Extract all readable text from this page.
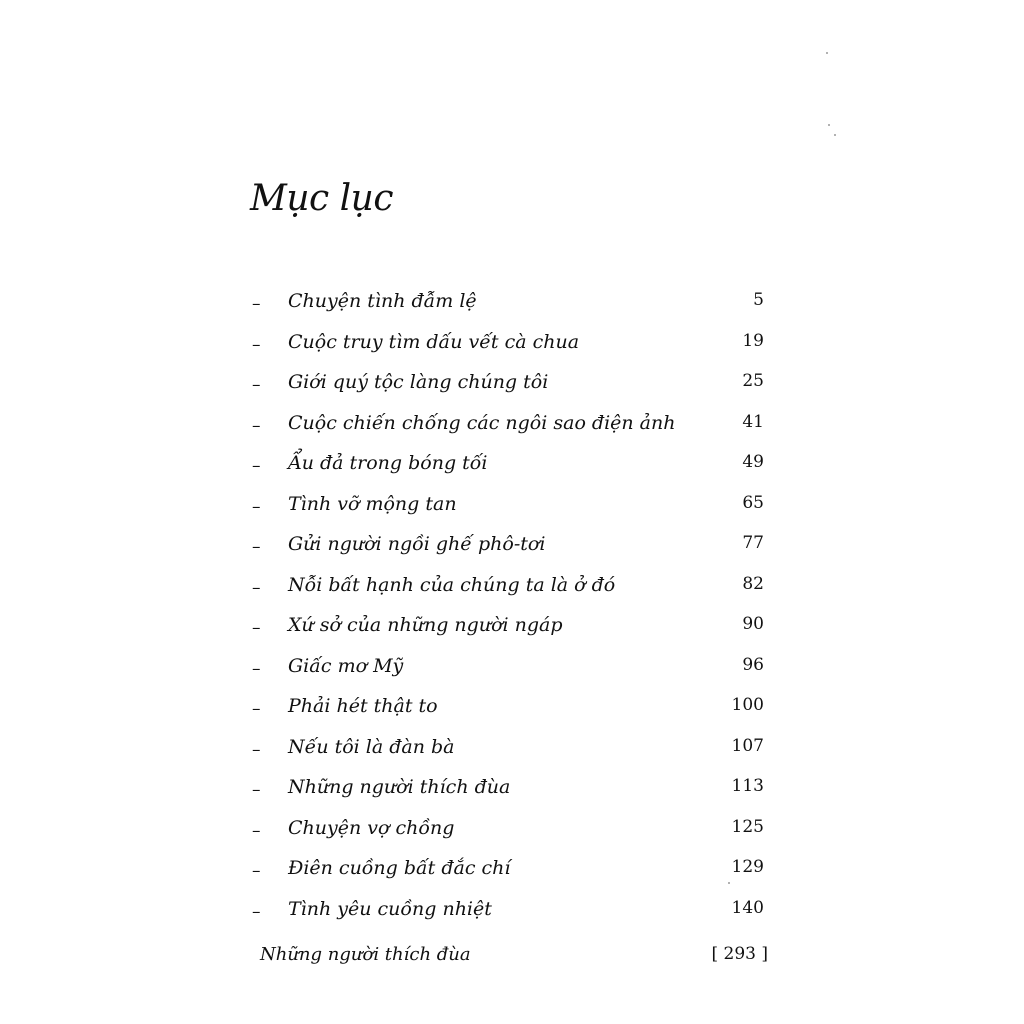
Mục lục
– Chuyện tình đẫm lệ	5
– Cuộc truy tìm dấu vết cà chua	19
– Giới quý tộc làng chúng tôi	25
– Cuộc chiến chống các ngôi sao điện ảnh	41
– Ẩu đả trong bóng tối	49
– Tình vỡ mộng tan	65
– Gửi người ngồi ghế phô-tơi	77
– Nỗi bất hạnh của chúng ta là ở đó	82
– Xứ sở của những người ngáp	90
– Giấc mơ Mỹ	96
– Phải hét thật to	100
– Nếu tôi là đàn bà	107
– Những người thích đùa	113
– Chuyện vợ chồng	125
– Điên cuồng bất đắc chí	129
– Tình yêu cuồng nhiệt	140
Những người thích đùa	[ 293 ]
